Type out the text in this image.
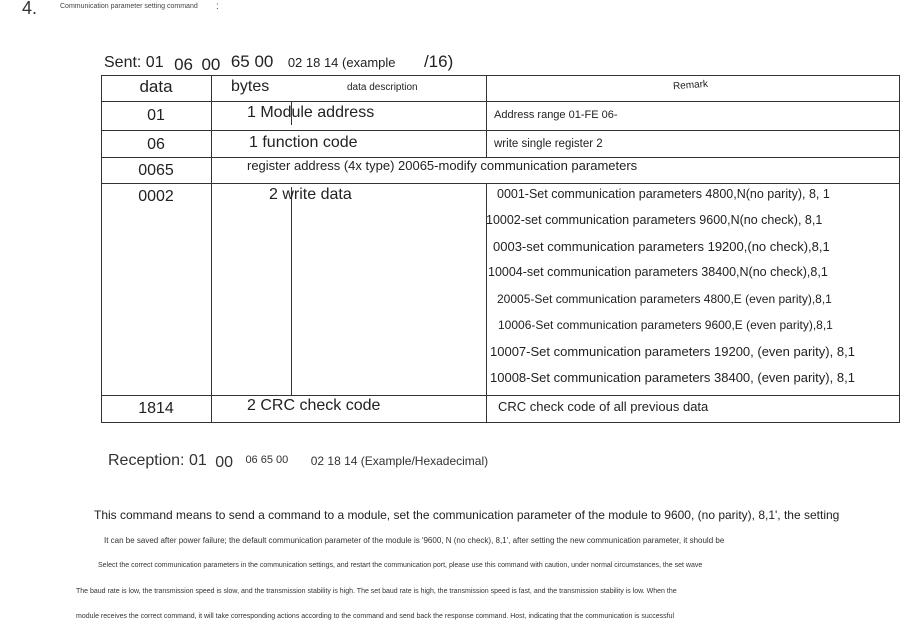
4.	Communication parameter setting command :
Sent: 01 06 00 65 00 02 18 14 (example /16)
data	bytes	data description	Remark
01	1 Module address	Address range 01-FE 06-
06	1 function code	write single register 2
0065	register address (4x type) 20065-modify communication parameters
0002	2 write data	0001-Set communication parameters 4800,N(no parity), 8, 1
10002-set communication parameters 9600,N(no check), 8,1
0003-set communication parameters 19200,(no check),8,1
10004-set communication parameters 38400,N(no check),8,1
20005-Set communication parameters 4800,E (even parity),8,1
10006-Set communication parameters 9600,E (even parity),8,1
10007-Set communication parameters 19200, (even parity), 8,1
10008-Set communication parameters 38400, (even parity), 8,1
1814	2 CRC check code	CRC check code of all previous data
Reception: 01 00 06 65 00 02 18 14 (Example/Hexadecimal)
This command means to send a command to a module, set the communication parameter of the module to 9600, (no parity), 8,1', the setting
It can be saved after power failure; the default communication parameter of the module is '9600, N (no check), 8,1', after setting the new communication parameter, it should be
Select the correct communication parameters in the communication settings, and restart the communication port, please use this command with caution, under normal circumstances, the set wave
The baud rate is low, the transmission speed is slow, and the transmission stability is high. The set baud rate is high, the transmission speed is fast, and the transmission stability is low. When the
module receives the correct command, it will take corresponding actions according to the command and send back the response command. Host, indicating that the communication is successful
